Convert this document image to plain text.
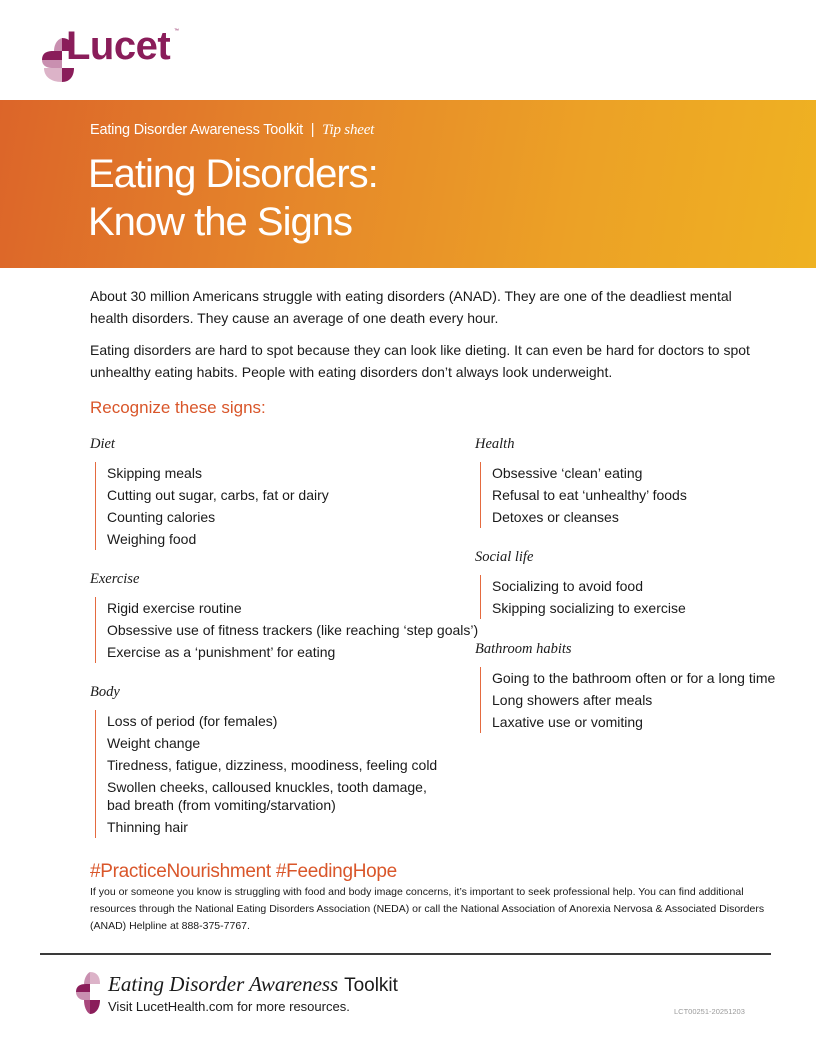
Lucet ™
Eating Disorder Awareness Toolkit | Tip sheet
Eating Disorders:
Know the Signs

About 30 million Americans struggle with eating disorders (ANAD). They are one of the deadliest mental health disorders. They cause an average of one death every hour.

Eating disorders are hard to spot because they can look like dieting. It can even be hard for doctors to spot unhealthy eating habits. People with eating disorders don’t always look underweight.

Recognize these signs:
Diet
Skipping meals
Cutting out sugar, carbs, fat or dairy
Counting calories
Weighing food
Exercise
Rigid exercise routine
Obsessive use of fitness trackers (like reaching ‘step goals’)
Exercise as a ‘punishment’ for eating
Body
Loss of period (for females)
Weight change
Tiredness, fatigue, dizziness, moodiness, feeling cold
Swollen cheeks, calloused knuckles, tooth damage, bad breath (from vomiting/starvation)
Thinning hair
Health
Obsessive ‘clean’ eating
Refusal to eat ‘unhealthy’ foods
Detoxes or cleanses
Social life
Socializing to avoid food
Skipping socializing to exercise
Bathroom habits
Going to the bathroom often or for a long time
Long showers after meals
Laxative use or vomiting
#PracticeNourishment #FeedingHope

If you or someone you know is struggling with food and body image concerns, it’s important to seek professional help. You can find additional resources through the National Eating Disorders Association (NEDA) or call the National Association of Anorexia Nervosa & Associated Disorders (ANAD) Helpline at 888-375-7767.

Eating Disorder Awareness Toolkit
Visit LucetHealth.com for more resources.	LCT00251-20251203
